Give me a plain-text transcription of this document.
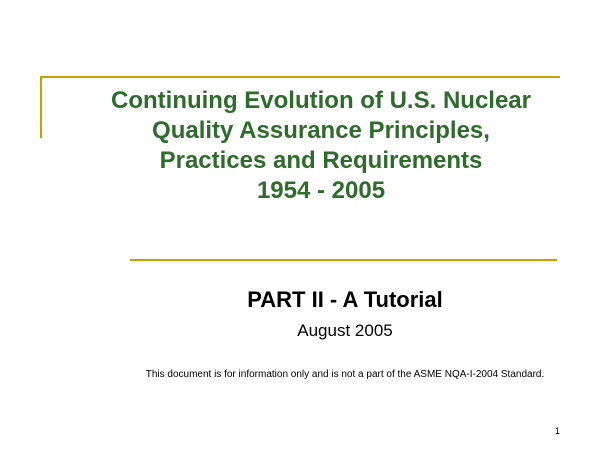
Continuing Evolution of U.S. Nuclear
Quality Assurance Principles,
Practices and Requirements
1954 - 2005
PART II - A Tutorial
August 2005
This document is for information only and is not a part of the ASME NQA-I-2004 Standard.
1
